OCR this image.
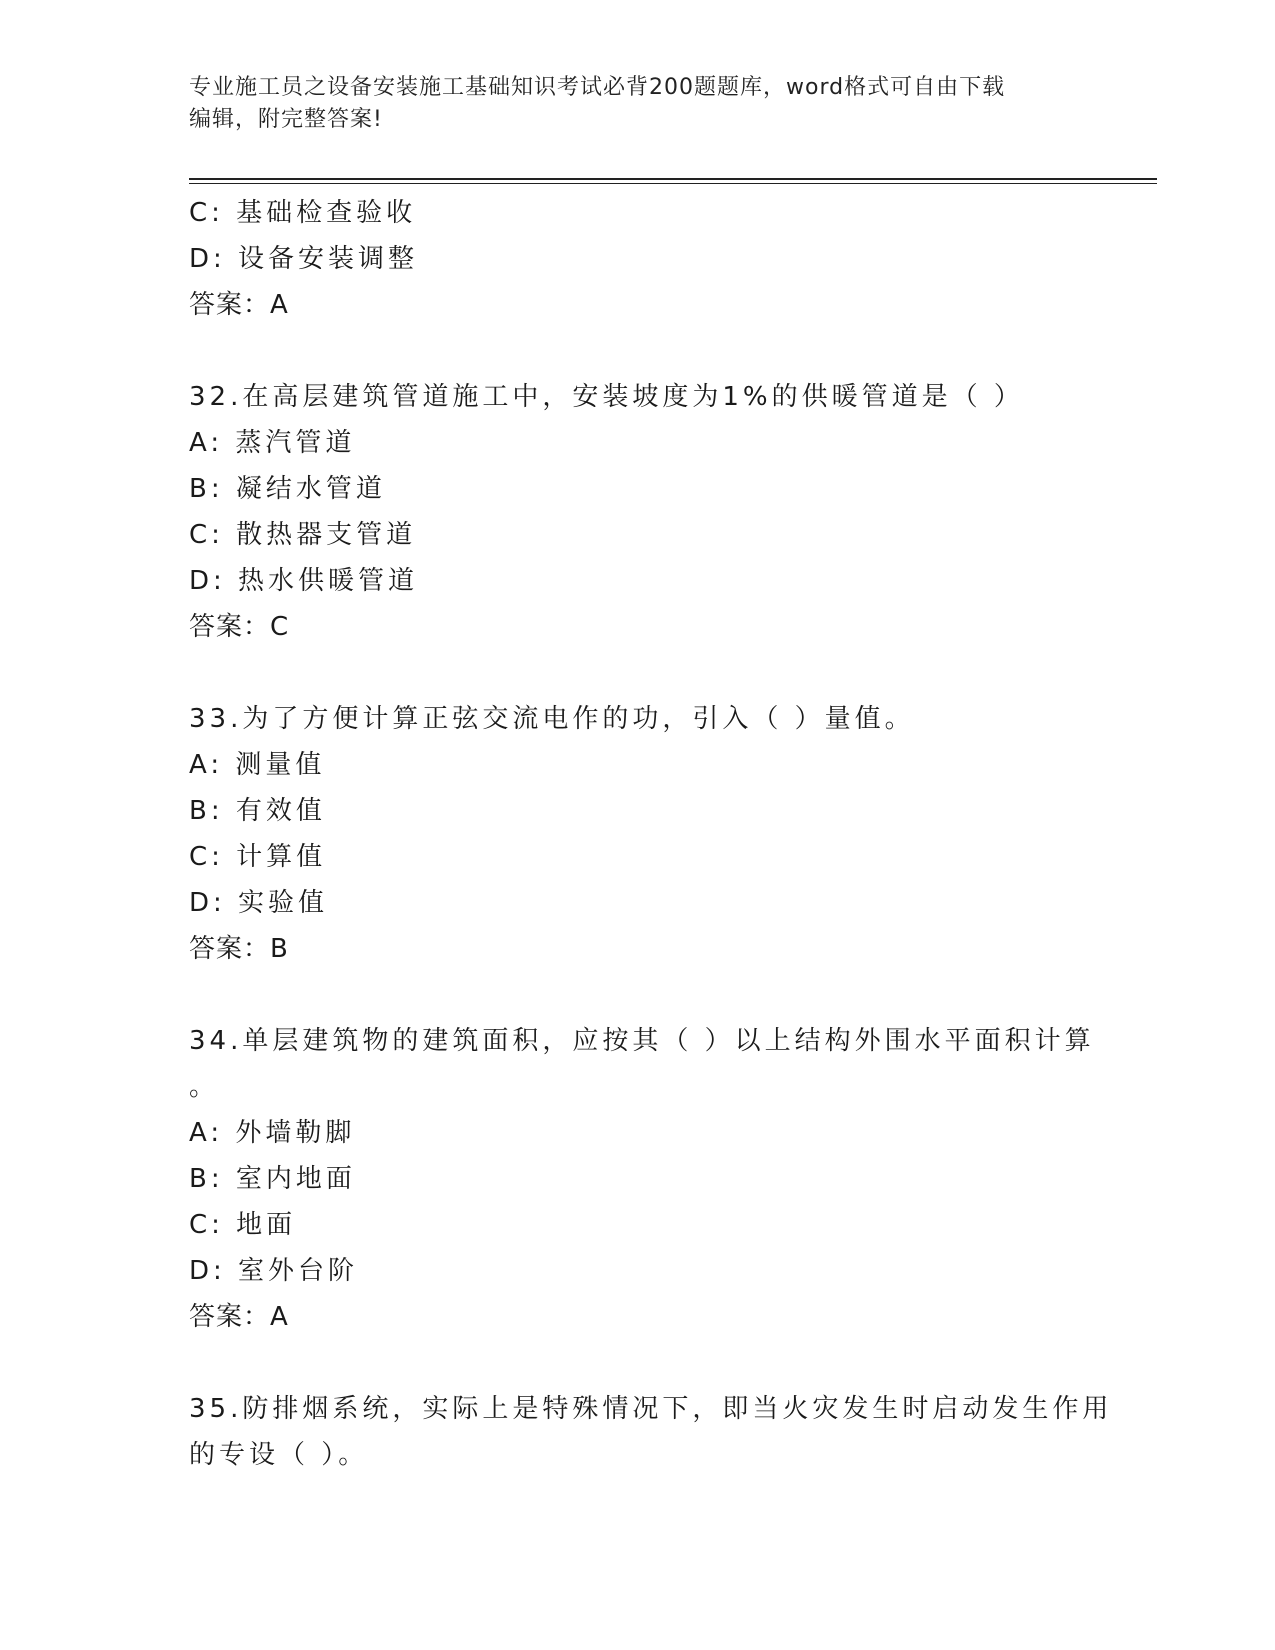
专业施工员之设备安装施工基础知识考试必背200题题库，word格式可自由下载
编辑，附完整答案!
C: 基础检查验收
D: 设备安装调整
答案：A
32.在高层建筑管道施工中，安装坡度为1%的供暖管道是（ ）
A: 蒸汽管道
B: 凝结水管道
C: 散热器支管道
D: 热水供暖管道
答案：C
33.为了方便计算正弦交流电作的功，引入（ ）量值。
A: 测量值
B: 有效值
C: 计算值
D: 实验值
答案：B
34.单层建筑物的建筑面积，应按其（ ）以上结构外围水平面积计算
。
A: 外墙勒脚
B: 室内地面
C: 地面
D: 室外台阶
答案：A
35.防排烟系统，实际上是特殊情况下，即当火灾发生时启动发生作用
的专设（ ）。
